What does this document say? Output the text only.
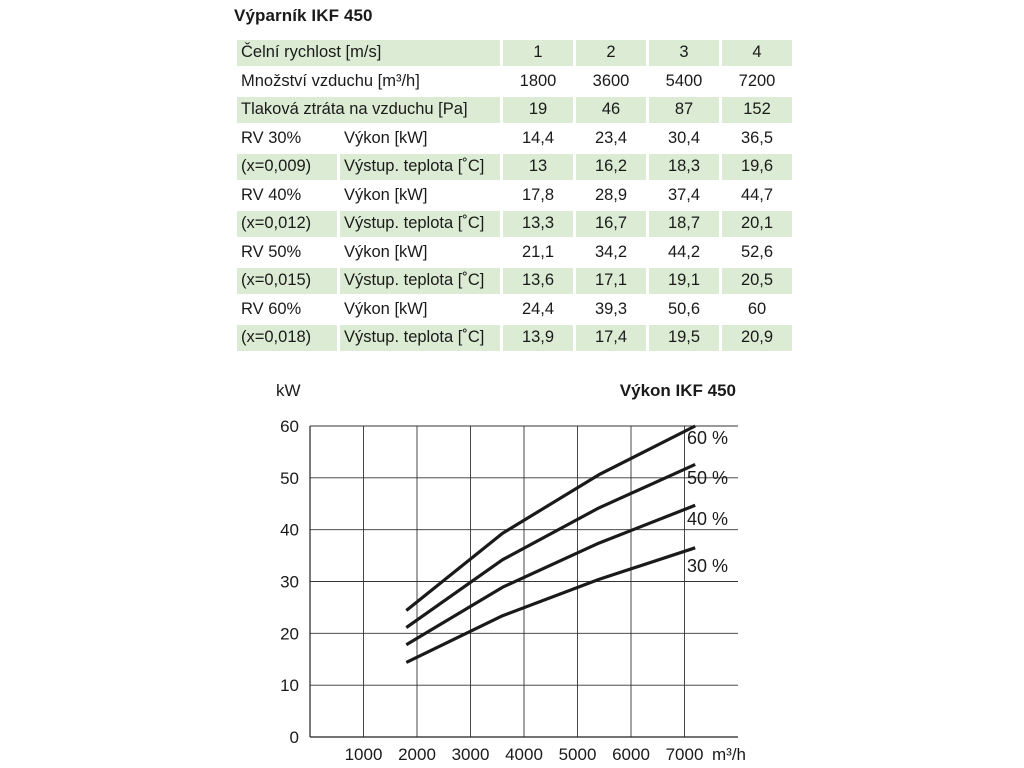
Výparník IKF 450
Čelní rychlost [m/s]		1	2	3	4
Množství vzduchu [m³/h]		1800	3600	5400	7200
Tlaková ztráta na vzduchu [Pa]		19	46	87	152
RV 30%	Výkon [kW]	14,4	23,4	30,4	36,5
(x=0,009)	Výstup. teplota [˚C]	13	16,2	18,3	19,6
RV 40%	Výkon [kW]	17,8	28,9	37,4	44,7
(x=0,012)	Výstup. teplota [˚C]	13,3	16,7	18,7	20,1
RV 50%	Výkon [kW]	21,1	34,2	44,2	52,6
(x=0,015)	Výstup. teplota [˚C]	13,6	17,1	19,1	20,5
RV 60%	Výkon [kW]	24,4	39,3	50,6	60
(x=0,018)	Výstup. teplota [˚C]	13,9	17,4	19,5	20,9
0
10
20
30
40
50
60
1000 2000 3000 4000 5000 6000 7000
kW
m³/h
Výkon IKF 450
30 %
40 %
50 %
60 %
